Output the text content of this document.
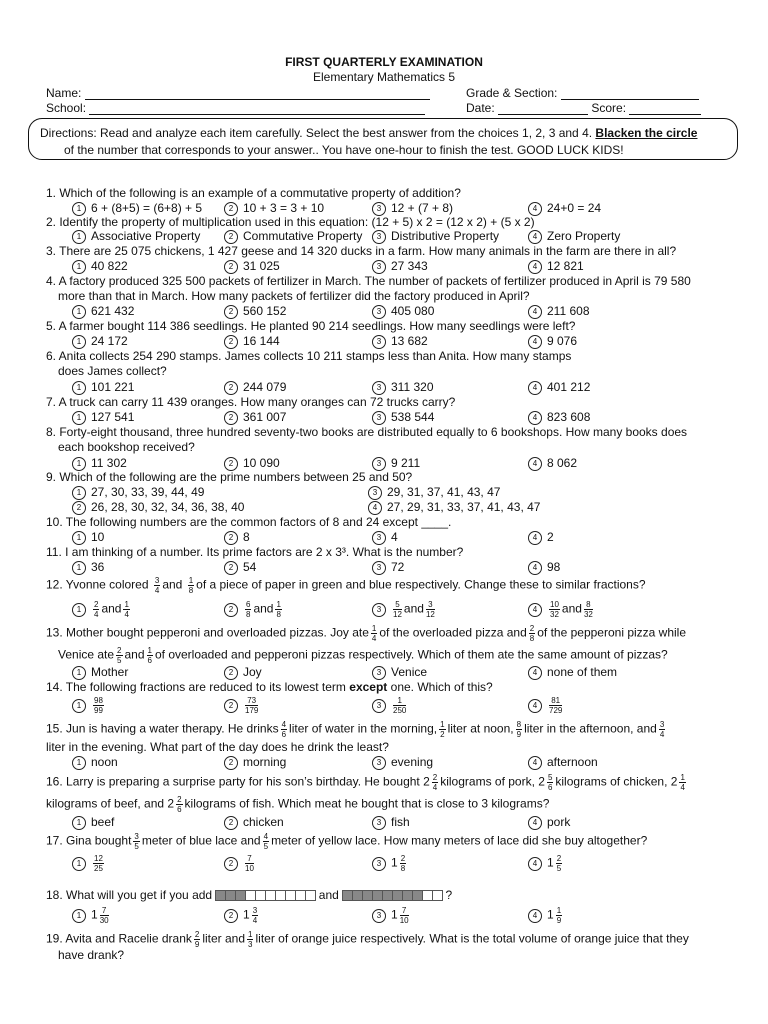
FIRST QUARTERLY EXAMINATION
Elementary Mathematics 5
Name:	Grade & Section:
School:	Date:	Score:
Directions: Read and analyze each item carefully. Select the best answer from the choices 1, 2, 3 and 4. Blacken the circle
of the number that corresponds to your answer.. You have one-hour to finish the test. GOOD LUCK KIDS!
1. Which of the following is an example of a commutative property of addition?
1 6 + (8+5) = (6+8) + 5	2 10 + 3 = 3 + 10	3 12 + (7 + 8)	4 24+0 = 24
2. Identify the property of multiplication used in this equation: (12 + 5) x 2 = (12 x 2) + (5 x 2)
1 Associative Property	2 Commutative Property	3 Distributive Property	4 Zero Property
3. There are 25 075 chickens, 1 427 geese and 14 320 ducks in a farm. How many animals in the farm are there in all?
1 40 822	2 31 025	3 27 343	4 12 821
4. A factory produced 325 500 packets of fertilizer in March. The number of packets of fertilizer produced in April is 79 580
more than that in March. How many packets of fertilizer did the factory produced in April?
1 621 432	2 560 152	3 405 080	4 211 608
5. A farmer bought 114 386 seedlings. He planted 90 214 seedlings. How many seedlings were left?
1 24 172	2 16 144	3 13 682	4 9 076
6. Anita collects 254 290 stamps. James collects 10 211 stamps less than Anita. How many stamps
does James collect?
1 101 221	2 244 079	3 311 320	4 401 212
7. A truck can carry 11 439 oranges. How many oranges can 72 trucks carry?
1 127 541	2 361 007	3 538 544	4 823 608
8. Forty-eight thousand, three hundred seventy-two books are distributed equally to 6 bookshops. How many books does
each bookshop received?
1 11 302	2 10 090	3 9 211	4 8 062
9. Which of the following are the prime numbers between 25 and 50?
1 27, 30, 33, 39, 44, 49	3 29, 31, 37, 41, 43, 47
2 26, 28, 30, 32, 34, 36, 38, 40	4 27, 29, 31, 33, 37, 41, 43, 47
10. The following numbers are the common factors of 8 and 24 except ____.
1 10	2 8	3 4	4 2
11. I am thinking of a number. Its prime factors are 2 x 3³. What is the number?
1 36	2 54	3 72	4 98
12. Yvonne colored $\frac{3}{4}$ and $\frac{1}{8}$ of a piece of paper in green and blue respectively. Change these to similar fractions?
$1 \frac{2}{4}$ and $\frac{1}{4}$	$2 \frac{6}{8}$ and $\frac{1}{8}$	$3 \frac{5}{12}$ and $\frac{3}{12}$	$4 \frac{10}{32}$ and $\frac{8}{32}$
13. Mother bought pepperoni and overloaded pizzas. Joy ate $\frac{1}{4}$ of the overloaded pizza and $\frac{2}{8}$ of the pepperoni pizza while
Venice ate $\frac{2}{5}$ and $\frac{1}{6}$ of overloaded and pepperoni pizzas respectively. Which of them ate the same amount of pizzas?
1 Mother	2 Joy	3 Venice	4 none of them
14. The following fractions are reduced to its lowest term except one. Which of this?
$1 \frac{98}{99}$	$2 \frac{73}{179}$	$3 \frac{1}{250}$	$4 \frac{81}{729}$
15. Jun is having a water therapy. He drinks $\frac{4}{6}$ liter of water in the morning, $\frac{1}{2}$ liter at noon, $\frac{8}{9}$ liter in the afternoon, and $\frac{3}{4}$
liter in the evening. What part of the day does he drink the least?
1 noon	2 morning	3 evening	4 afternoon
16. Larry is preparing a surprise party for his son’s birthday. He bought $2 \frac{2}{4}$ kilograms of pork, $2 \frac{5}{6}$ kilograms of chicken, $2 \frac{1}{4}$
kilograms of beef, and $2 \frac{2}{6}$ kilograms of fish. Which meat he bought that is close to 3 kilograms?
1 beef	2 chicken	3 fish	4 pork
17. Gina bought $\frac{3}{5}$ meter of blue lace and $\frac{4}{5}$ meter of yellow lace. How many meters of lace did she buy altogether?
$1 \frac{12}{25}$	$2 \frac{7}{10}$	3 $1 \frac{2}{8}$	4 $1 \frac{2}{5}$
18. What will you get if you add	and	?
1 $1 \frac{7}{30}$	2 $1 \frac{3}{4}$	3 $1 \frac{7}{10}$	4 $1 \frac{1}{9}$
19. Avita and Racelie drank $\frac{2}{9}$ liter and $\frac{1}{3}$ liter of orange juice respectively. What is the total volume of orange juice that they
have drank?
